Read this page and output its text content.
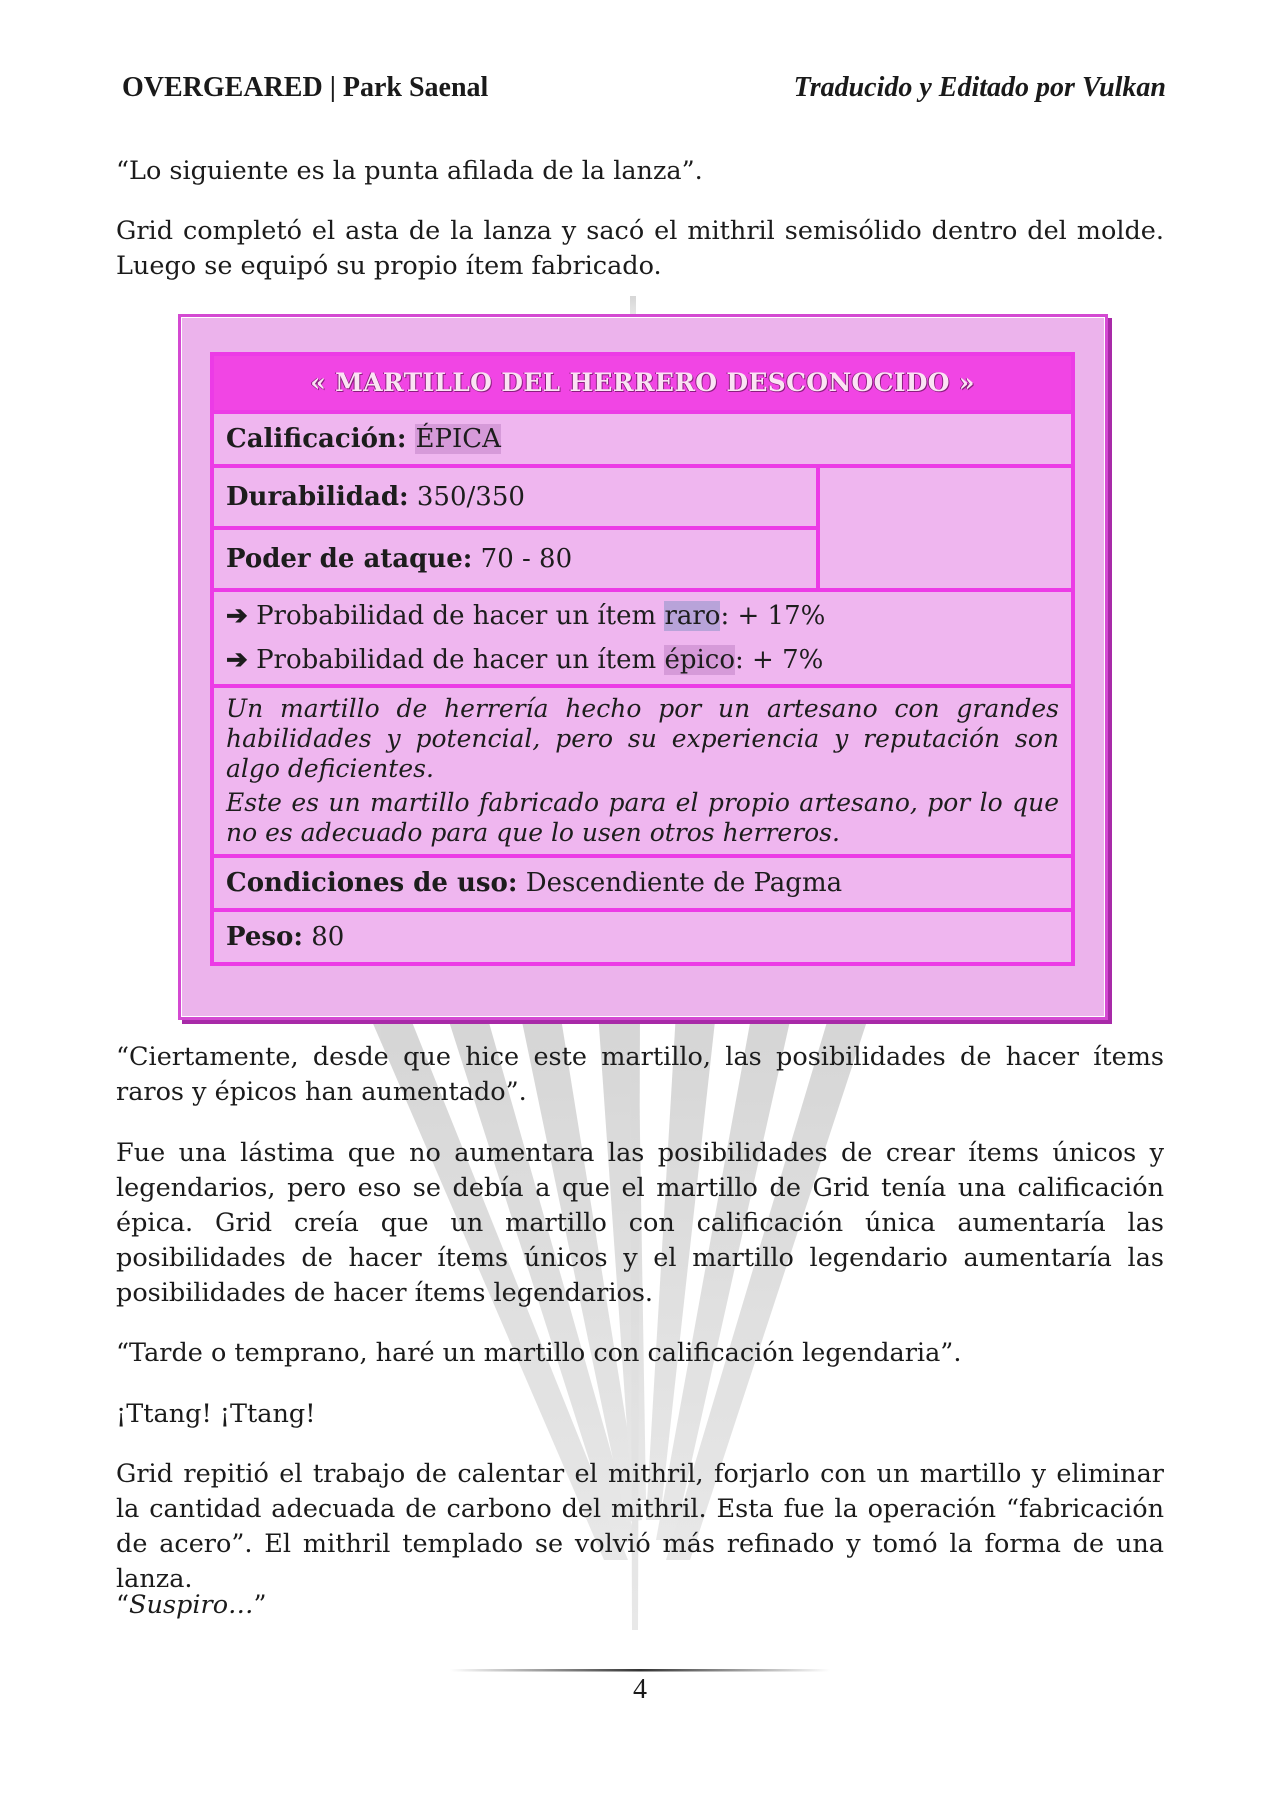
OVERGEARED | Park Saenal	Traducido y Editado por Vulkan

“Lo siguiente es la punta afilada de la lanza”.

Grid completó el asta de la lanza y sacó el mithril semisólido dentro del molde. Luego se equipó su propio ítem fabricado.

« MARTILLO DEL HERRERO DESCONOCIDO »
Calificación : ÉPICA
Durabilidad :
350/350
Poder de ataque :
70 - 80
➔ Probabilidad de hacer un ítem raro: + 17%
➔ Probabilidad de hacer un ítem épico: + 7%

Un martillo de herrería hecho por un artesano con grandes habilidades y potencial, pero su experiencia y reputación son algo deficientes.

Este es un martillo fabricado para el propio artesano, por lo que no es adecuado para que lo usen otros herreros.

Condiciones de uso :
Descendiente de Pagma
Peso :
80

“Ciertamente, desde que hice este martillo, las posibilidades de hacer ítems raros y épicos han aumentado”.

Fue una lástima que no aumentara las posibilidades de crear ítems únicos y legendarios, pero eso se debía a que el martillo de Grid tenía una calificación épica. Grid creía que un martillo con calificación única aumentaría las posibilidades de hacer ítems únicos y el martillo legendario aumentaría las posibilidades de hacer ítems legendarios.

“Tarde o temprano, haré un martillo con calificación legendaria”.

¡Ttang! ¡Ttang!

Grid repitió el trabajo de calentar el mithril, forjarlo con un martillo y eliminar la cantidad adecuada de carbono del mithril. Esta fue la operación “fabricación de acero”. El mithril templado se volvió más refinado y tomó la forma de una lanza.

“Suspiro…”

4
